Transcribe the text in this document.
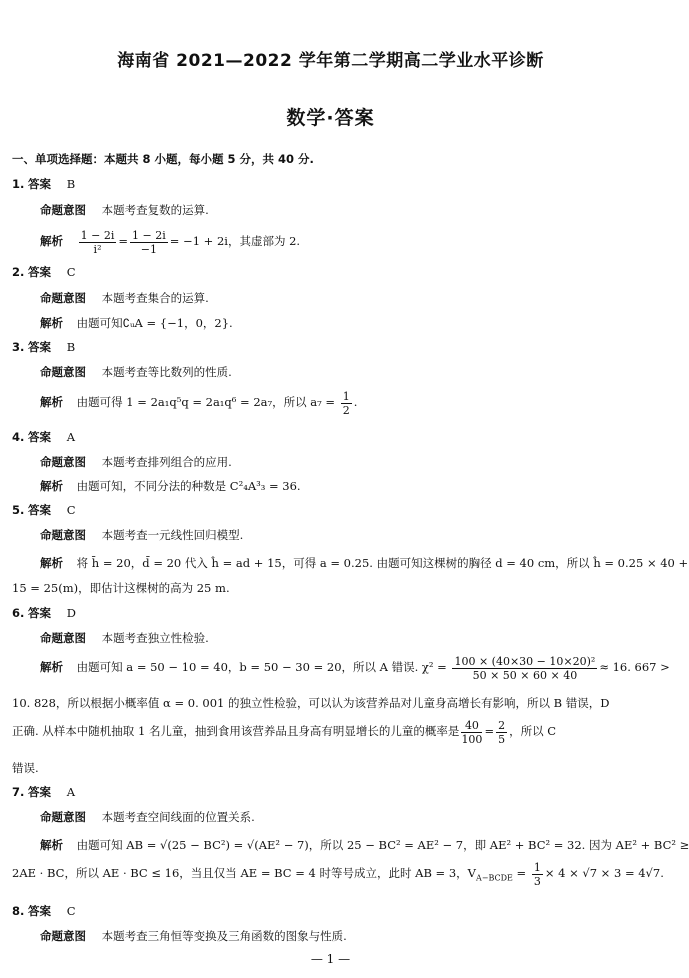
海南省 2021—2022 学年第二学期高二学业水平诊断
数学·答案
一、单项选择题：本题共 8 小题，每小题 5 分，共 40 分.
1. 答案 B
命题意图 本题考查复数的运算.
解析 $\frac{1 - 2i}{\text{i²}} = \frac{1 - 2i}{-1} = -1 + 2i$，其虚部为 2.
2. 答案 C
命题意图 本题考查集合的运算.
解析 由题可知∁ᵤA = {−1，0，2}.
3. 答案 B
命题意图 本题考查等比数列的性质.
解析 由题可得 1 = 2a₁q⁵q = 2a₁q⁶ = 2a₇，所以 $a_7 = \frac{1}{2}$ .
4. 答案 A
命题意图 本题考查排列组合的应用.
解析 由题可知，不同分法的种数是 C²₄A³₃ = 36.
5. 答案 C
命题意图 本题考查一元线性回归模型.
解析 将 h̄ = 20，d̄ = 20 代入 ĥ = ad + 15，可得 a = 0.25. 由题可知这棵树的胸径 d = 40 cm，所以 ĥ = 0.25 × 40 +
15 = 25(m)，即估计这棵树的高为 25 m.
6. 答案 D
命题意图 本题考查独立性检验.
解析 由题可知 a = 50 − 10 = 40，b = 50 − 30 = 20，所以 A 错误. $\chi^2 = \frac{\text{100 × (40×30 − 10×20)²}}{50 \times 50 \times 60 \times 40} \approx 16$. 667 >
10. 828，所以根据小概率值 α = 0. 001 的独立性检验，可以认为该营养品对儿童身高增长有影响，所以 B 错误，D
正确. 从样本中随机抽取 1 名儿童，抽到食用该营养品且身高有明显增长的儿童的概率是 $\frac{40}{100} = \frac{2}{5}$ ，所以 C
错误.
7. 答案 A
命题意图 本题考查空间线面的位置关系.
解析 由题可知 AB = √(25 − BC²) = √(AE² − 7)，所以 25 − BC² = AE² − 7，即 AE² + BC² = 32. 因为 AE² + BC² ≥
2AE · BC，所以 AE · BC ≤ 16，当且仅当 AE = BC = 4 时等号成立，此时 AB = 3，$V_{A-BCDE} = \frac{1}{3} \times 4 \times √7 \times 3 = 4√7$.
8. 答案 C
命题意图 本题考查三角恒等变换及三角函数的图象与性质.
— 1 —
